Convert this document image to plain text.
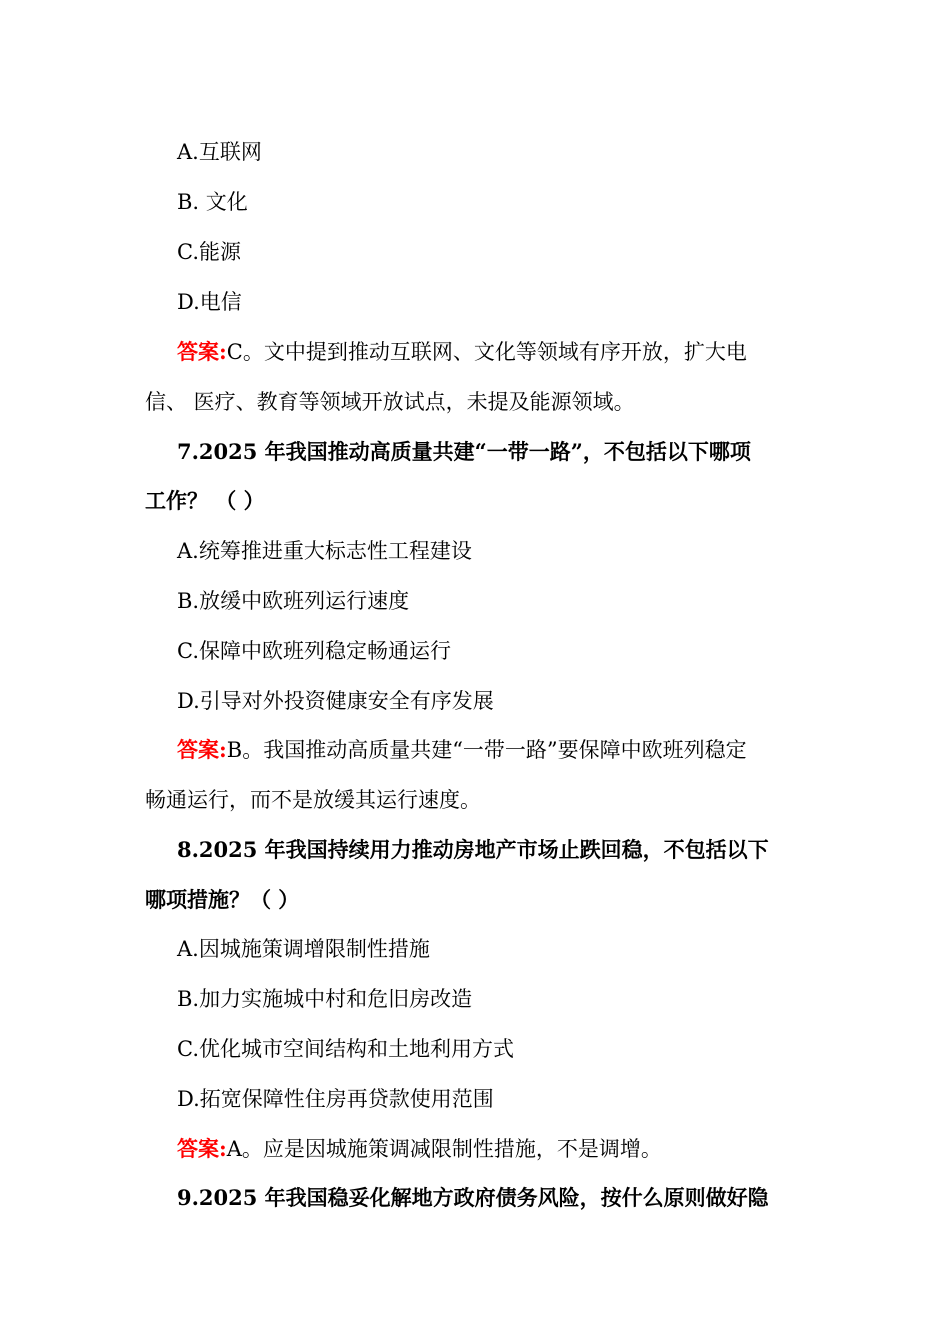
A.互联网
B. 文化
C.能源
D.电信
答案:C。文中提到推动互联网、文化等领域有序开放，扩大电
信、 医疗、教育等领域开放试点，未提及能源领域。
7.2025 年我国推动高质量共建“一带一路”，不包括以下哪项
工作？ （ ）
A.统筹推进重大标志性工程建设
B.放缓中欧班列运行速度
C.保障中欧班列稳定畅通运行
D.引导对外投资健康安全有序发展
答案:B。我国推动高质量共建“一带一路”要保障中欧班列稳定
畅通运行，而不是放缓其运行速度。
8.2025 年我国持续用力推动房地产市场止跌回稳，不包括以下
哪项措施？（ ）
A.因城施策调增限制性措施
B.加力实施城中村和危旧房改造
C.优化城市空间结构和土地利用方式
D.拓宽保障性住房再贷款使用范围
答案:A。应是因城施策调减限制性措施，不是调增。
9.2025 年我国稳妥化解地方政府债务风险，按什么原则做好隐
